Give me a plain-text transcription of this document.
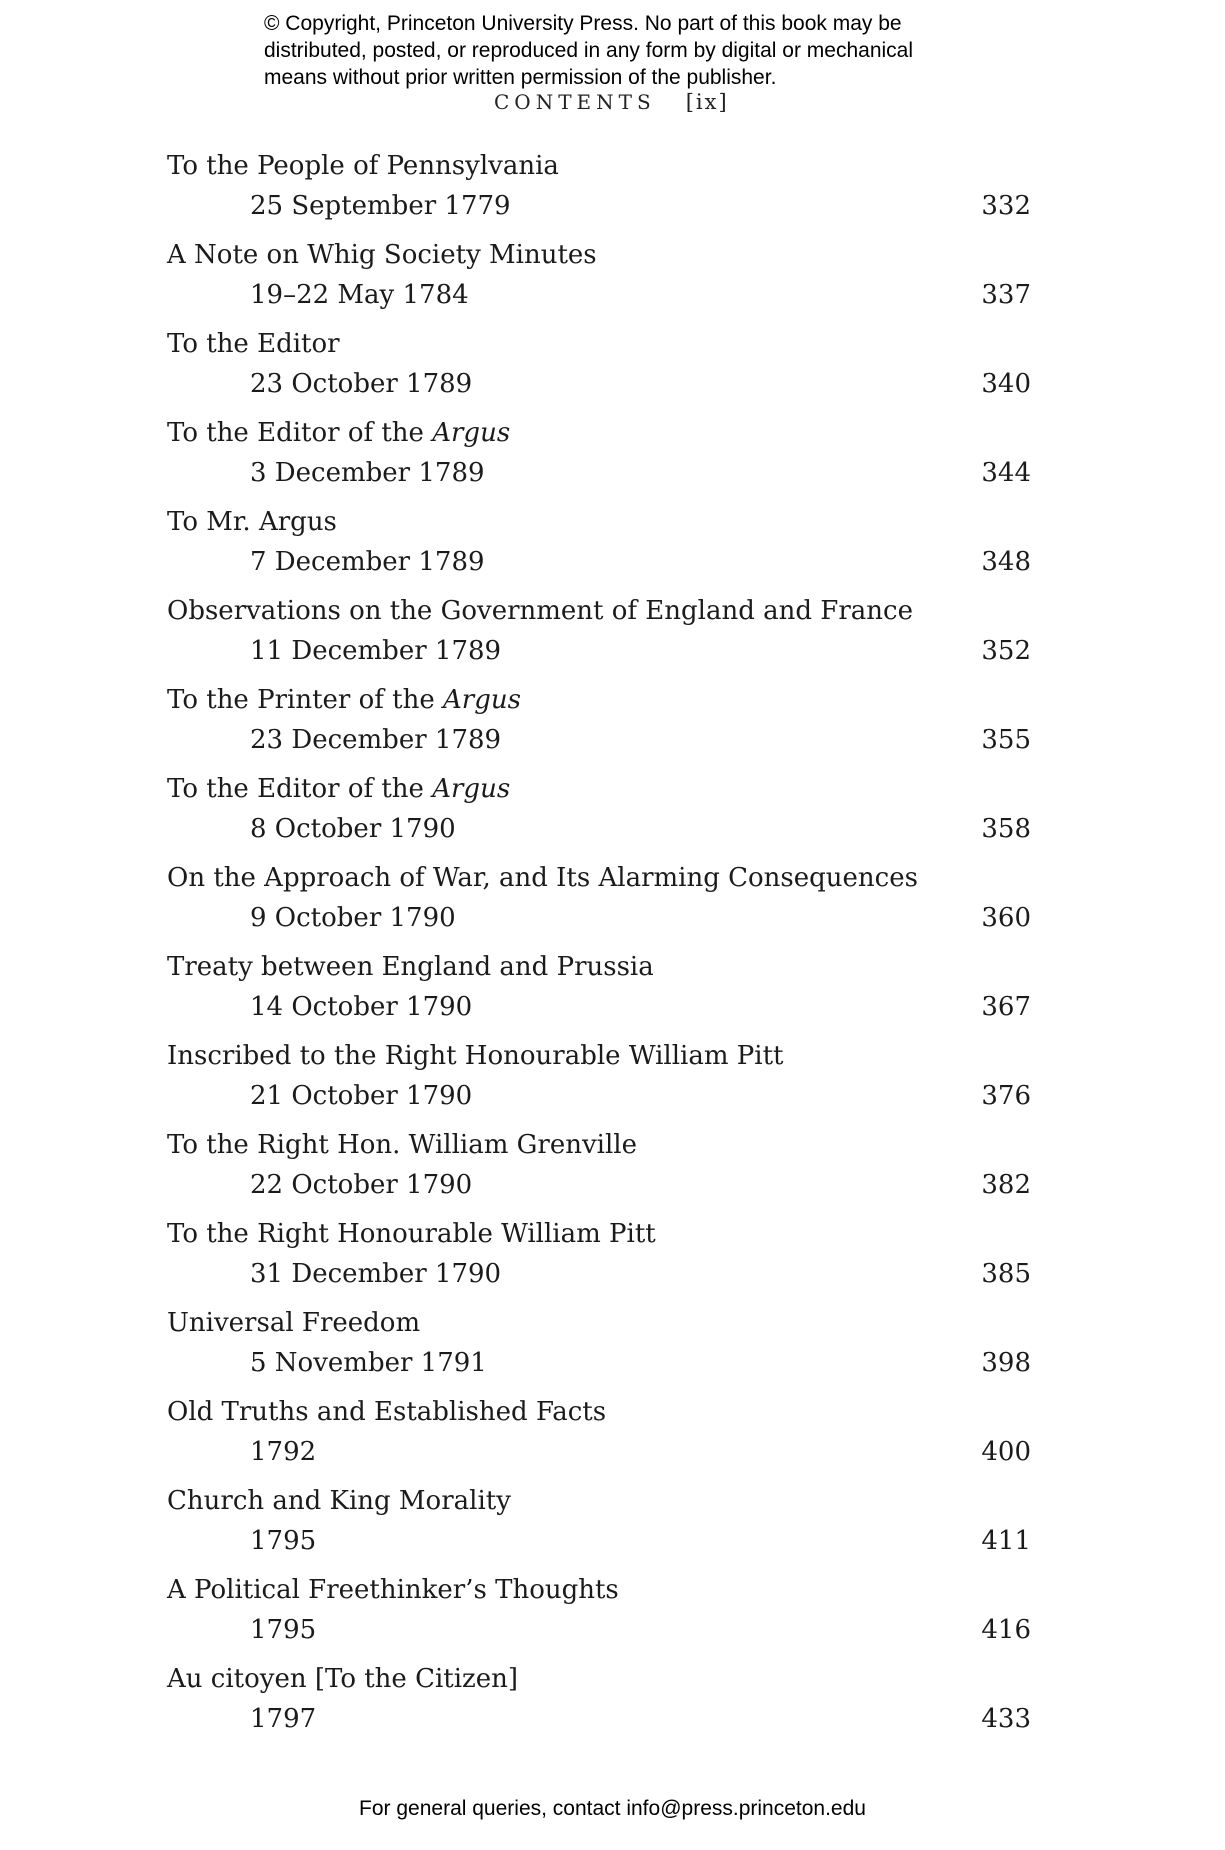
© Copyright, Princeton University Press. No part of this book may be
distributed, posted, or reproduced in any form by digital or mechanical
means without prior written permission of the publisher.
CONTENTS [ix]
To the People of Pennsylvania
25 September 1779	332
A Note on Whig Society Minutes
19–22 May 1784	337
To the Editor
23 October 1789	340
To the Editor of the Argus
3 December 1789	344
To Mr. Argus
7 December 1789	348
Observations on the Government of England and France
11 December 1789	352
To the Printer of the Argus
23 December 1789	355
To the Editor of the Argus
8 October 1790	358
On the Approach of War, and Its Alarming Consequences
9 October 1790	360
Treaty between England and Prussia
14 October 1790	367
Inscribed to the Right Honourable William Pitt
21 October 1790	376
To the Right Hon. William Grenville
22 October 1790	382
To the Right Honourable William Pitt
31 December 1790	385
Universal Freedom
5 November 1791	398
Old Truths and Established Facts
1792	400
Church and King Morality
1795	411
A Political Freethinker’s Thoughts
1795	416
Au citoyen [To the Citizen]
1797	433
For general queries, contact info@press.princeton.edu
